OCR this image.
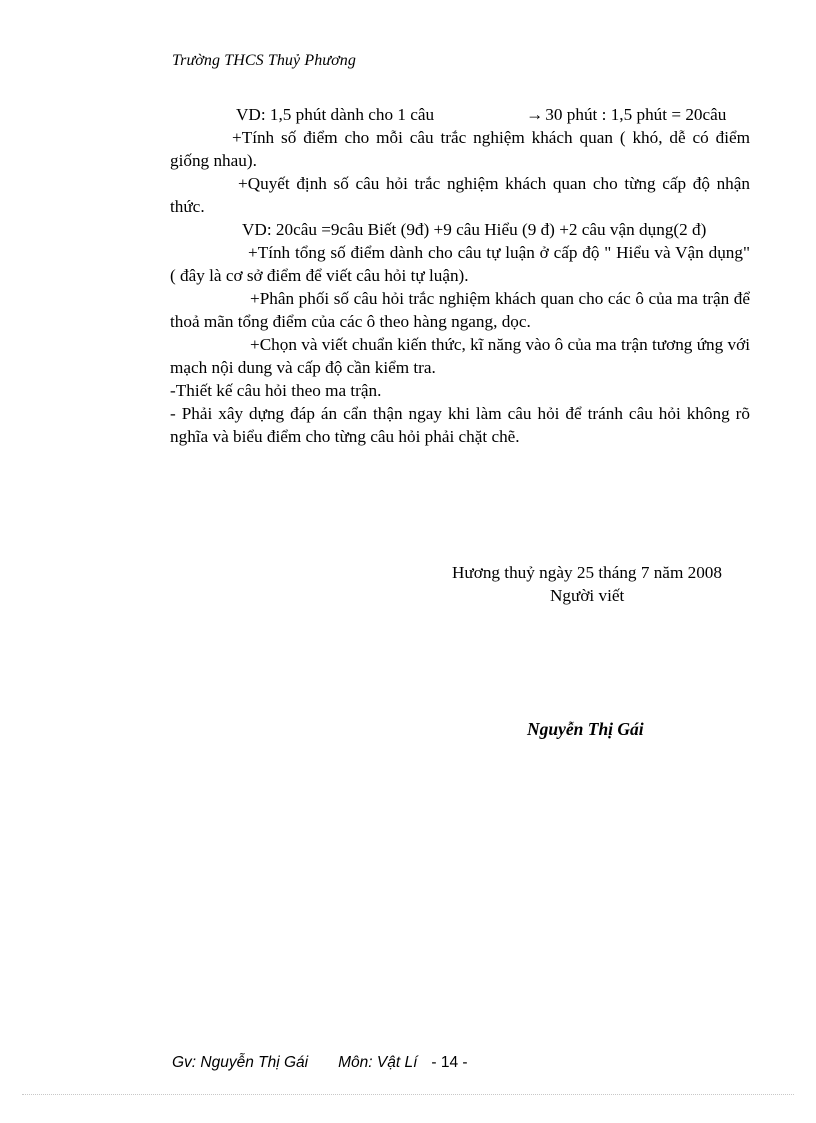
Trường THCS Thuỷ Phương

VD: 1,5 phút dành cho 1 câu	→ 30 phút : 1,5 phút = 20câu

+Tính số điểm cho mỗi câu trắc nghiệm khách quan ( khó, dễ có điểm giống nhau).

+Quyết định số câu hỏi trắc nghiệm khách quan cho từng cấp độ nhận thức.

VD: 20câu =9câu Biết (9đ) +9 câu Hiểu (9 đ) +2 câu vận dụng(2 đ)

+Tính tổng số điểm dành cho câu tự luận ở cấp độ " Hiểu và Vận dụng" ( đây là cơ sở điểm để viết câu hỏi tự luận).

+Phân phối số câu hỏi trắc nghiệm khách quan cho các ô của ma trận để thoả mãn tổng điểm của các ô theo hàng ngang, dọc.

+Chọn và viết chuẩn kiến thức, kĩ năng vào ô của ma trận tương ứng với mạch nội dung và cấp độ cần kiểm tra.

-Thiết kế câu hỏi theo ma trận.

- Phải xây dựng đáp án cẩn thận ngay khi làm câu hỏi để tránh câu hỏi không rõ nghĩa và biểu điểm cho từng câu hỏi phải chặt chẽ.

Hương thuỷ ngày 25 tháng 7 năm 2008
Người viết
Nguyễn Thị Gái
Gv: Nguyễn Thị Gái Môn: Vật Lí - 14 -
